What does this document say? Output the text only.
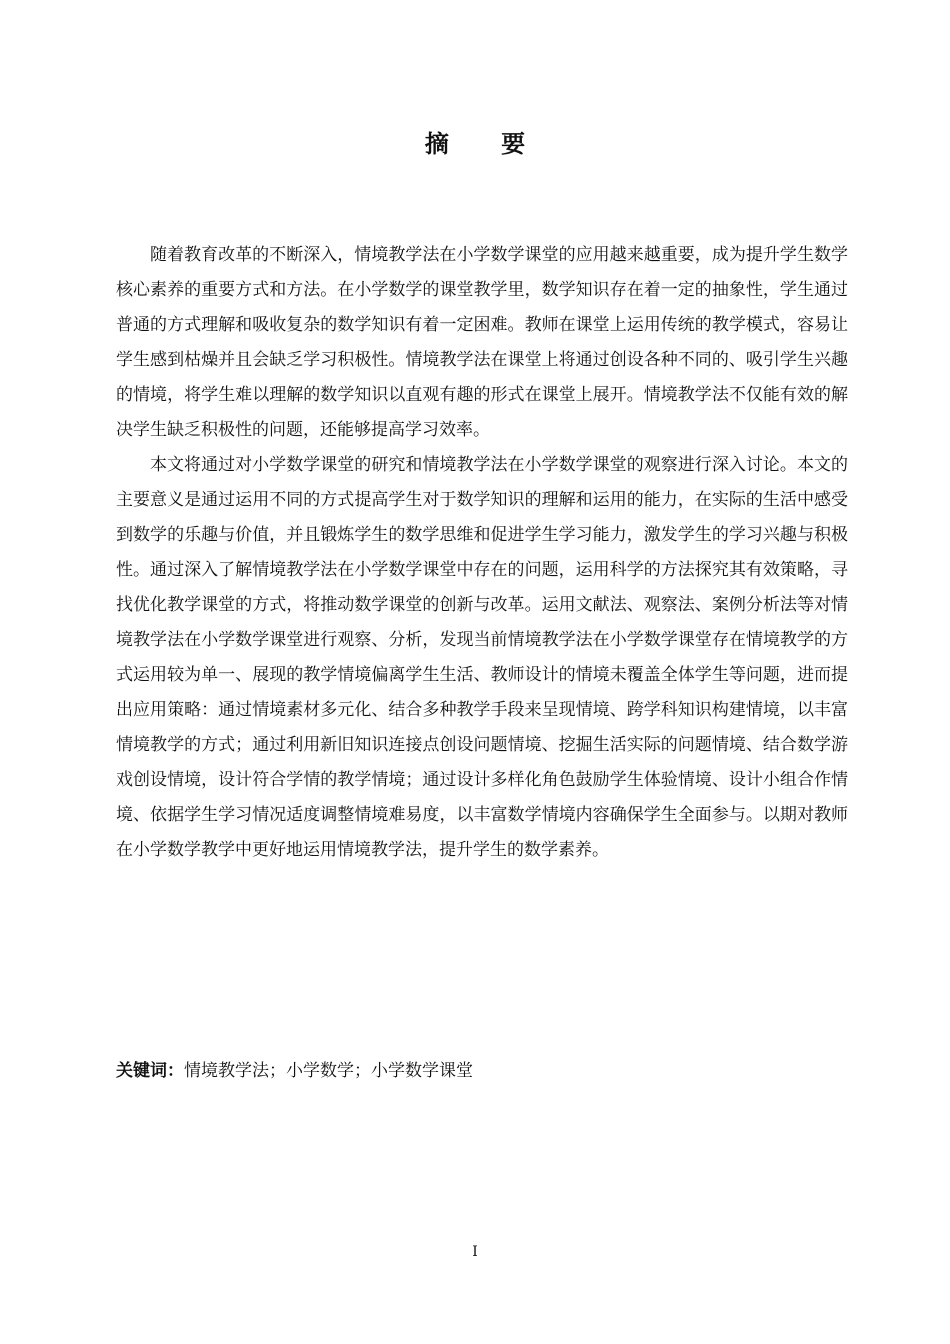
摘 要

随着教育改革的不断深入，情境教学法在小学数学课堂的应用越来越重要，成为提升学生数学核心素养的重要方式和方法。在小学数学的课堂教学里，数学知识存在着一定的抽象性，学生通过普通的方式理解和吸收复杂的数学知识有着一定困难。教师在课堂上运用传统的教学模式，容易让学生感到枯燥并且会缺乏学习积极性。情境教学法在课堂上将通过创设各种不同的、吸引学生兴趣的情境，将学生难以理解的数学知识以直观有趣的形式在课堂上展开。情境教学法不仅能有效的解决学生缺乏积极性的问题，还能够提高学习效率。

本文将通过对小学数学课堂的研究和情境教学法在小学数学课堂的观察进行深入讨论。本文的主要意义是通过运用不同的方式提高学生对于数学知识的理解和运用的能力，在实际的生活中感受到数学的乐趣与价值，并且锻炼学生的数学思维和促进学生学习能力，激发学生的学习兴趣与积极性。通过深入了解情境教学法在小学数学课堂中存在的问题，运用科学的方法探究其有效策略，寻找优化教学课堂的方式，将推动数学课堂的创新与改革。运用文献法、观察法、案例分析法等对情境教学法在小学数学课堂进行观察、分析，发现当前情境教学法在小学数学课堂存在情境教学的方式运用较为单一、展现的教学情境偏离学生生活、教师设计的情境未覆盖全体学生等问题，进而提出应用策略：通过情境素材多元化、结合多种教学手段来呈现情境、跨学科知识构建情境，以丰富情境教学的方式；通过利用新旧知识连接点创设问题情境、挖掘生活实际的问题情境、结合数学游戏创设情境，设计符合学情的教学情境；通过设计多样化角色鼓励学生体验情境、设计小组合作情境、依据学生学习情况适度调整情境难易度，以丰富数学情境内容确保学生全面参与。以期对教师在小学数学教学中更好地运用情境教学法，提升学生的数学素养。

关键词：情境教学法；小学数学；小学数学课堂

I
